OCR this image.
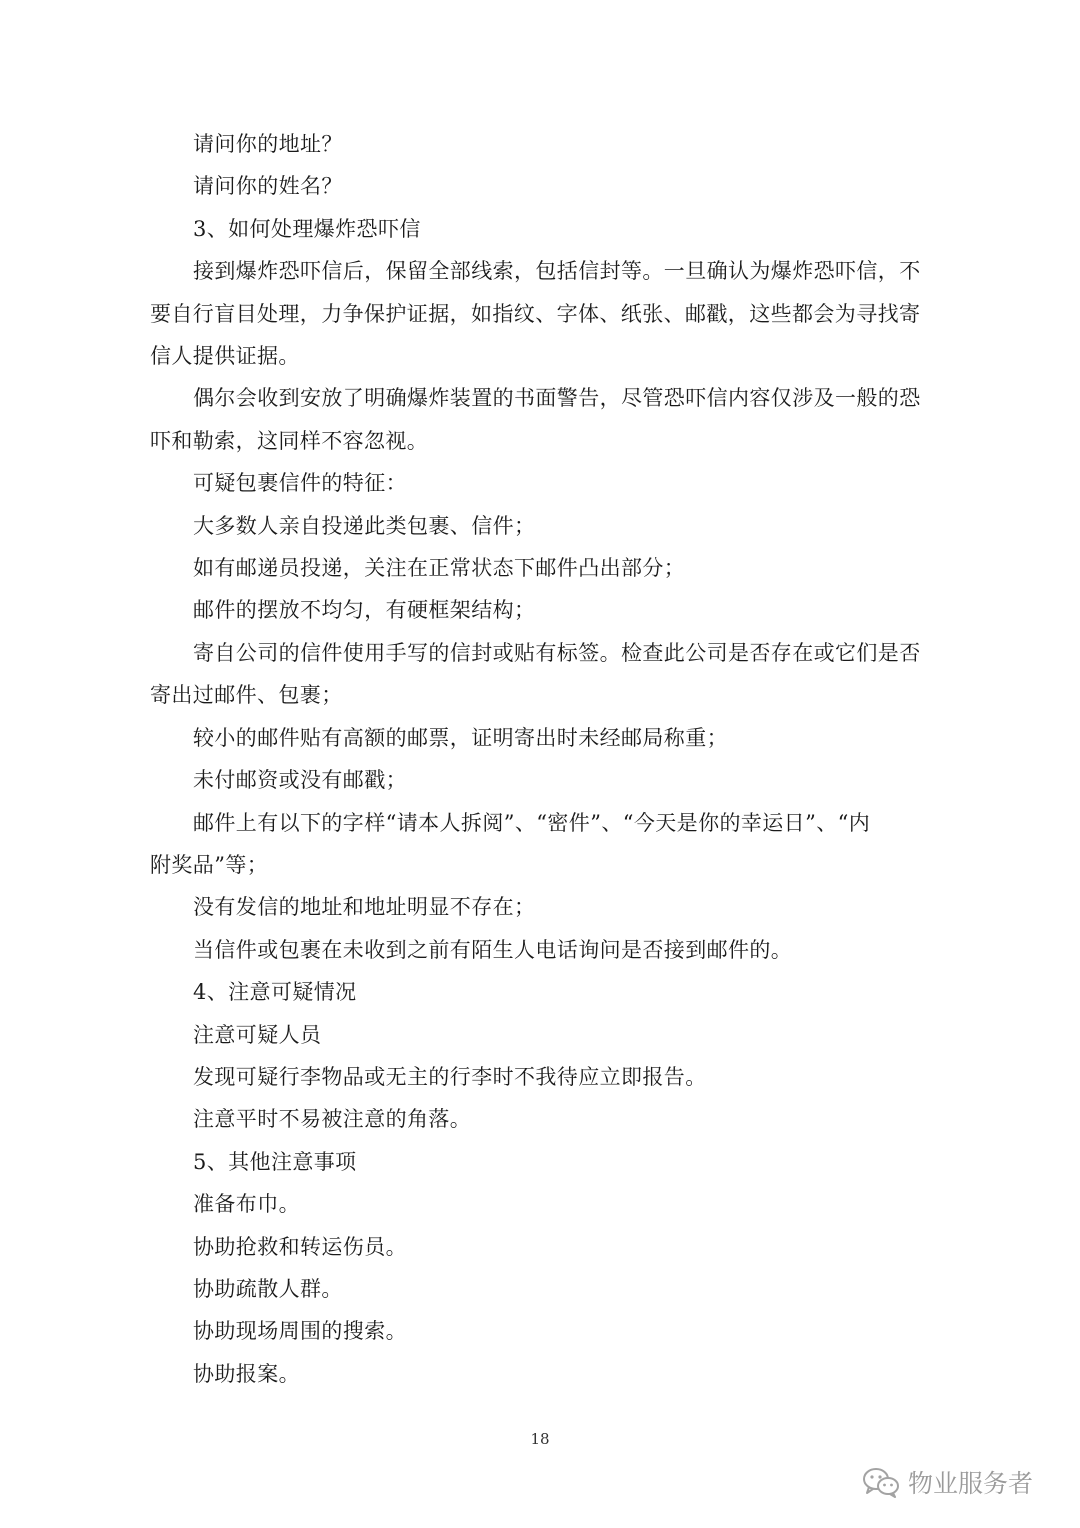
请问你的地址？

请问你的姓名？

3、如何处理爆炸恐吓信

接到爆炸恐吓信后，保留全部线索，包括信封等。一旦确认为爆炸恐吓信，不
要自行盲目处理，力争保护证据，如指纹、字体、纸张、邮戳，这些都会为寻找寄
信人提供证据。

偶尔会收到安放了明确爆炸装置的书面警告，尽管恐吓信内容仅涉及一般的恐
吓和勒索，这同样不容忽视。

可疑包裹信件的特征：

大多数人亲自投递此类包裹、信件；

如有邮递员投递，关注在正常状态下邮件凸出部分；

邮件的摆放不均匀，有硬框架结构；

寄自公司的信件使用手写的信封或贴有标签。检查此公司是否存在或它们是否
寄出过邮件、包裹；

较小的邮件贴有高额的邮票，证明寄出时未经邮局称重；

未付邮资或没有邮戳；

邮件上有以下的字样“请本人拆阅”、“密件”、“今天是你的幸运日”、“内
附奖品”等；

没有发信的地址和地址明显不存在；

当信件或包裹在未收到之前有陌生人电话询问是否接到邮件的。

4、注意可疑情况

注意可疑人员

发现可疑行李物品或无主的行李时不我待应立即报告。

注意平时不易被注意的角落。

5、其他注意事项

准备布巾。

协助抢救和转运伤员。

协助疏散人群。

协助现场周围的搜索。

协助报案。

18
物业服务者
